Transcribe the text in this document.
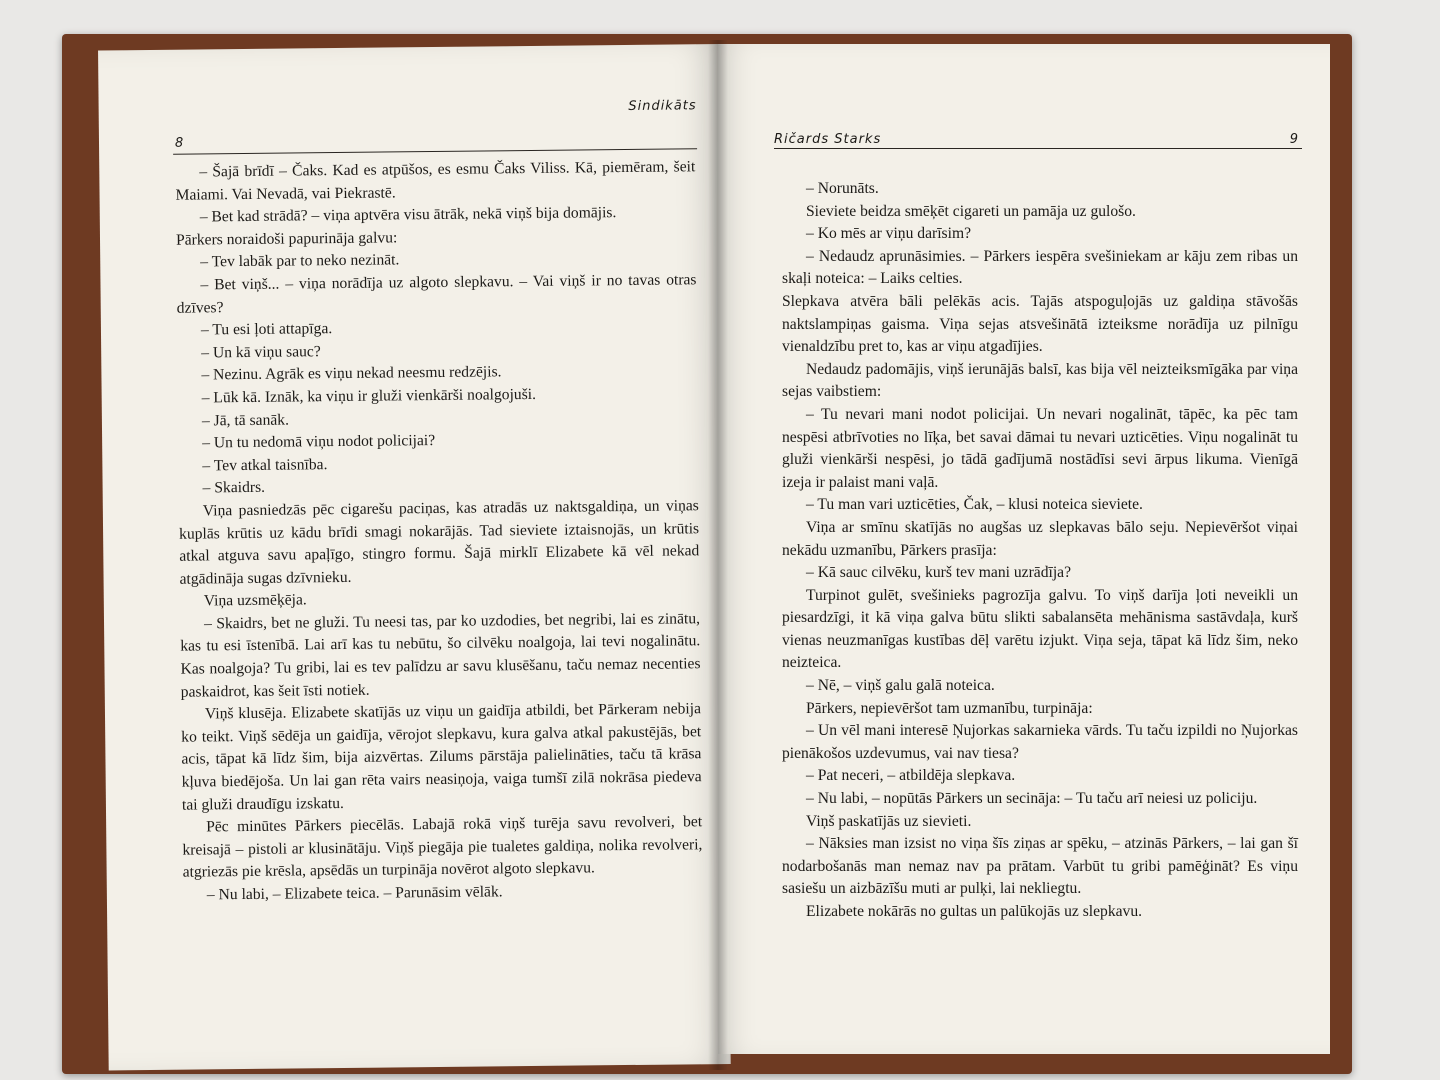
Sindikāts
8

– Šajā brīdī – Čaks. Kad es atpūšos, es esmu Čaks Viliss. Kā, piemēram, šeit Maiami. Vai Nevadā, vai Piekrastē.

– Bet kad strādā? – viņa aptvēra visu ātrāk, nekā viņš bija domājis.

Pārkers noraidoši papurināja galvu:

– Tev labāk par to neko nezināt.

– Bet viņš... – viņa norādīja uz algoto slepkavu. – Vai viņš ir no tavas otras dzīves?

– Tu esi ļoti attapīga.

– Un kā viņu sauc?

– Nezinu. Agrāk es viņu nekad neesmu redzējis.

– Lūk kā. Iznāk, ka viņu ir gluži vienkārši noalgojuši.

– Jā, tā sanāk.

– Un tu nedomā viņu nodot policijai?

– Tev atkal taisnība.

– Skaidrs.

Viņa pasniedzās pēc cigarešu paciņas, kas atradās uz naktsgaldiņa, un viņas kuplās krūtis uz kādu brīdi smagi nokarājās. Tad sieviete iztaisnojās, un krūtis atkal atguva savu apaļīgo, stingro formu. Šajā mirklī Elizabete kā vēl nekad atgādināja sugas dzīvnieku.

Viņa uzsmēķēja.

– Skaidrs, bet ne gluži. Tu neesi tas, par ko uzdodies, bet negribi, lai es zinātu, kas tu esi īstenībā. Lai arī kas tu nebūtu, šo cilvēku noalgoja, lai tevi nogalinātu. Kas noalgoja? Tu gribi, lai es tev palīdzu ar savu klusēšanu, taču nemaz necenties paskaidrot, kas šeit īsti notiek.

Viņš klusēja. Elizabete skatījās uz viņu un gaidīja atbildi, bet Pārkeram nebija ko teikt. Viņš sēdēja un gaidīja, vērojot slepkavu, kura galva atkal pakustējās, bet acis, tāpat kā līdz šim, bija aizvērtas. Zilums pārstāja palielināties, taču tā krāsa kļuva biedējoša. Un lai gan rēta vairs neasiņoja, vaiga tumšī zilā nokrāsa piedeva tai gluži draudīgu izskatu.

Pēc minūtes Pārkers piecēlās. Labajā rokā viņš turēja savu revolveri, bet kreisajā – pistoli ar klusinātāju. Viņš piegāja pie tualetes galdiņa, nolika revolveri, atgriezās pie krēsla, apsēdās un turpināja novērot algoto slepkavu.

– Nu labi, – Elizabete teica. – Parunāsim vēlāk.

Ričards Starks	9

– Norunāts.

Sieviete beidza smēķēt cigareti un pamāja uz gulošo.

– Ko mēs ar viņu darīsim?

– Nedaudz aprunāsimies. – Pārkers iespēra svešiniekam ar kāju zem ribas un skaļi noteica: – Laiks celties.

Slepkava atvēra bāli pelēkās acis. Tajās atspoguļojās uz galdiņa stāvošās naktslampiņas gaisma. Viņa sejas atsvešinātā izteiksme norādīja uz pilnīgu vienaldzību pret to, kas ar viņu atgadījies.

Nedaudz padomājis, viņš ierunājās balsī, kas bija vēl neizteiksmīgāka par viņa sejas vaibstiem:

– Tu nevari mani nodot policijai. Un nevari nogalināt, tāpēc, ka pēc tam nespēsi atbrīvoties no līķa, bet savai dāmai tu nevari uzticēties. Viņu nogalināt tu gluži vienkārši nespēsi, jo tādā gadījumā nostādīsi sevi ārpus likuma. Vienīgā izeja ir palaist mani vaļā.

– Tu man vari uzticēties, Čak, – klusi noteica sieviete.

Viņa ar smīnu skatījās no augšas uz slepkavas bālo seju. Nepievēršot viņai nekādu uzmanību, Pārkers prasīja:

– Kā sauc cilvēku, kurš tev mani uzrādīja?

Turpinot gulēt, svešinieks pagrozīja galvu. To viņš darīja ļoti neveikli un piesardzīgi, it kā viņa galva būtu slikti sabalansēta mehānisma sastāvdaļa, kurš vienas neuzmanīgas kustības dēļ varētu izjukt. Viņa seja, tāpat kā līdz šim, neko neizteica.

– Nē, – viņš galu galā noteica.

Pārkers, nepievēršot tam uzmanību, turpināja:

– Un vēl mani interesē Ņujorkas sakarnieka vārds. Tu taču izpildi no Ņujorkas pienākošos uzdevumus, vai nav tiesa?

– Pat neceri, – atbildēja slepkava.

– Nu labi, – nopūtās Pārkers un secināja: – Tu taču arī neiesi uz policiju.

Viņš paskatījās uz sievieti.

– Nāksies man izsist no viņa šīs ziņas ar spēku, – atzinās Pārkers, – lai gan šī nodarbošanās man nemaz nav pa prātam. Varbūt tu gribi pamēģināt? Es viņu sasiešu un aizbāzīšu muti ar pulķi, lai nekliegtu.

Elizabete nokārās no gultas un palūkojās uz slepkavu.
